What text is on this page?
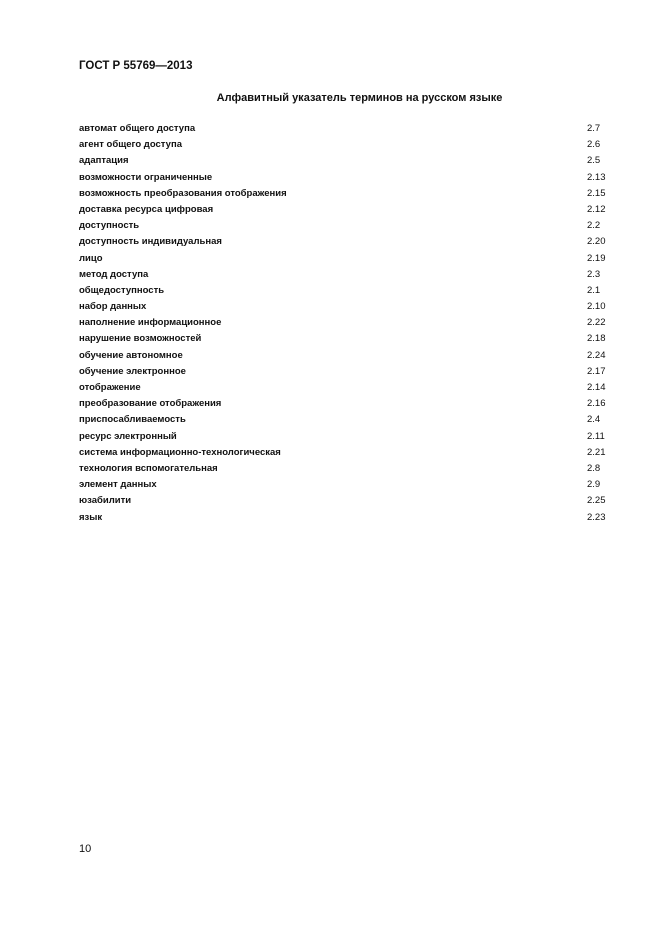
ГОСТ Р 55769—2013
Алфавитный указатель терминов на русском языке
автомат общего доступа	2.7
агент общего доступа	2.6
адаптация	2.5
возможности ограниченные	2.13
возможность преобразования отображения	2.15
доставка ресурса цифровая	2.12
доступность	2.2
доступность индивидуальная	2.20
лицо	2.19
метод доступа	2.3
общедоступность	2.1
набор данных	2.10
наполнение информационное	2.22
нарушение возможностей	2.18
обучение автономное	2.24
обучение электронное	2.17
отображение	2.14
преобразование отображения	2.16
приспосабливаемость	2.4
ресурс электронный	2.11
система информационно-технологическая	2.21
технология вспомогательная	2.8
элемент данных	2.9
юзабилити	2.25
язык	2.23
10
